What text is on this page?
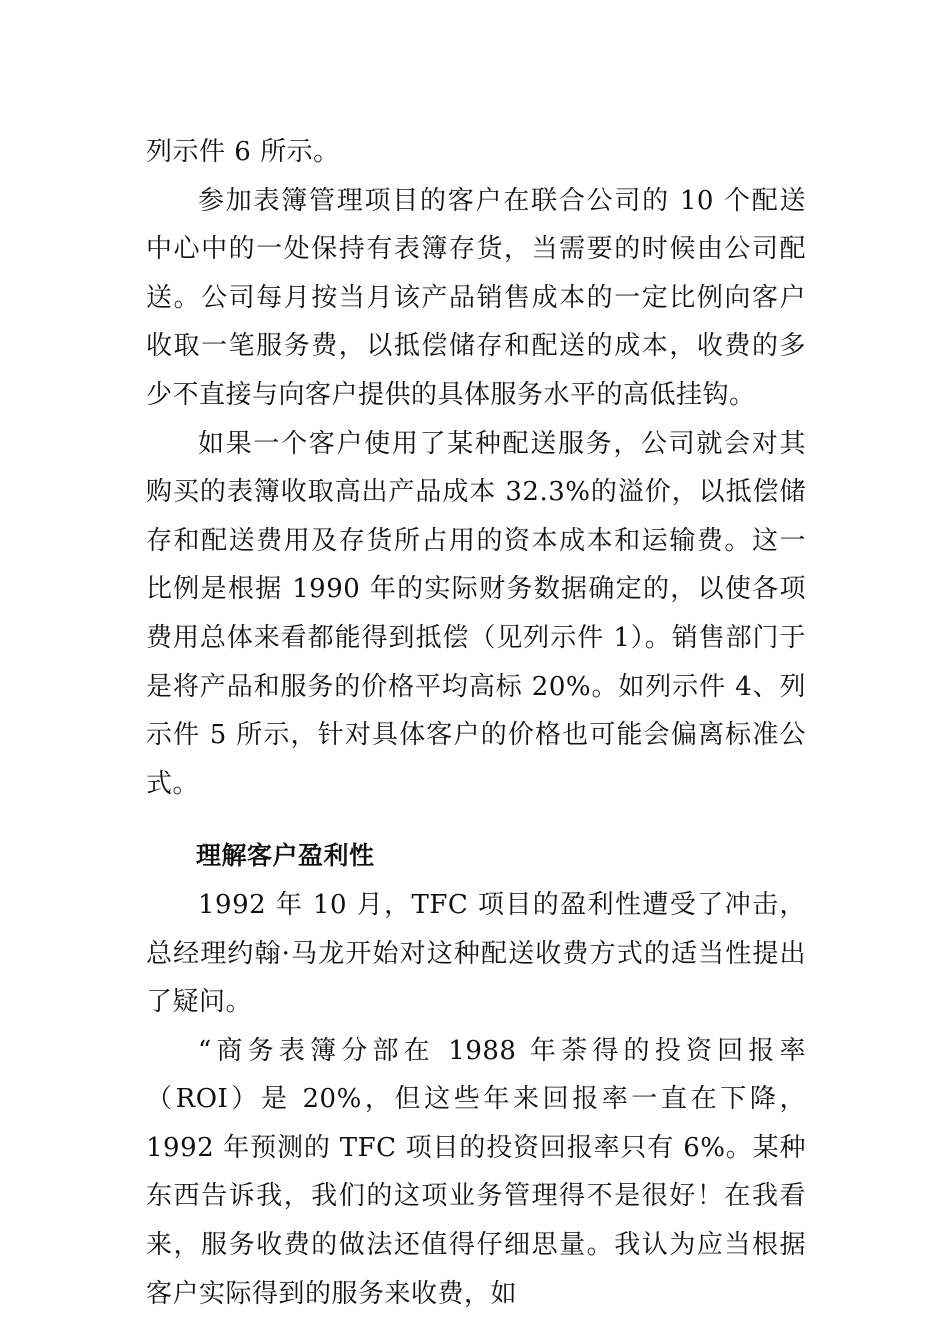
列示件 6 所示。

参加表簿管理项目的客户在联合公司的 10 个配送中心中的一处保持有表簿存货，当需要的时候由公司配送。公司每月按当月该产品销售成本的一定比例向客户收取一笔服务费，以抵偿储存和配送的成本，收费的多少不直接与向客户提供的具体服务水平的高低挂钩。

如果一个客户使用了某种配送服务，公司就会对其购买的表簿收取高出产品成本 32.3%的溢价，以抵偿储存和配送费用及存货所占用的资本成本和运输费。这一比例是根据 1990 年的实际财务数据确定的，以使各项费用总体来看都能得到抵偿（见列示件 1）。销售部门于是将产品和服务的价格平均高标 20%。如列示件 4、列示件 5 所示，针对具体客户的价格也可能会偏离标准公式。

理解客户盈利性

1992 年 10 月，TFC 项目的盈利性遭受了冲击，总经理约翰·马龙开始对这种配送收费方式的适当性提出了疑问。

“商务表簿分部在 1988 年荼得的投资回报率（ROI）是 20%，但这些年来回报率一直在下降，1992 年预测的 TFC 项目的投资回报率只有 6%。某种东西告诉我，我们的这项业务管理得不是很好！在我看来，服务收费的做法还值得仔细思量。我认为应当根据客户实际得到的服务来收费，如
